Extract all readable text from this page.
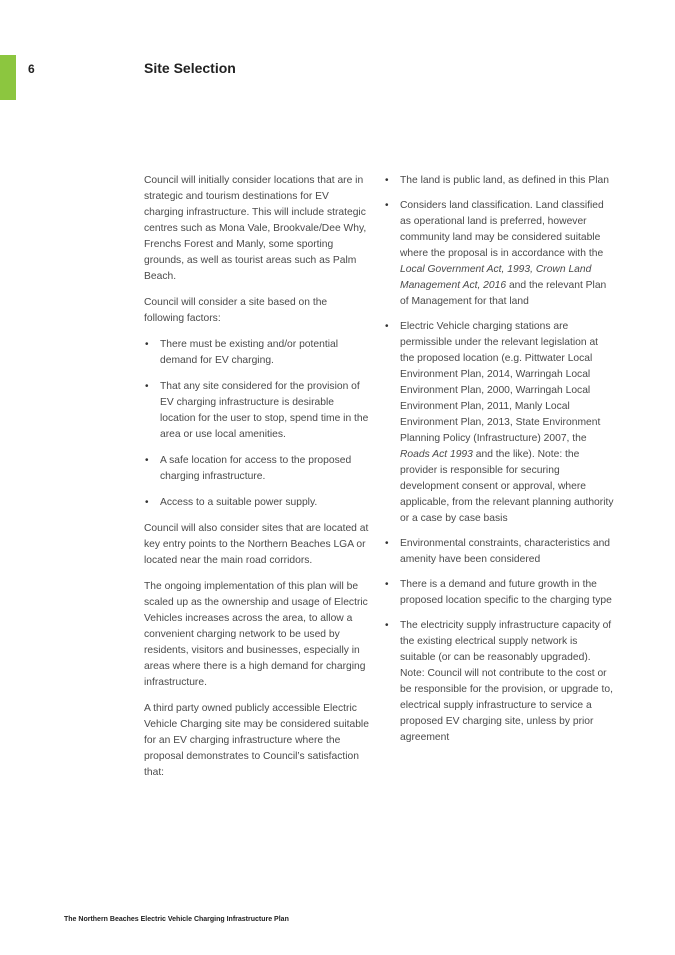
6	Site Selection

Council will initially consider locations that are in strategic and tourism destinations for EV charging infrastructure. This will include strategic centres such as Mona Vale, Brookvale/Dee Why, Frenchs Forest and Manly, some sporting grounds, as well as tourist areas such as Palm Beach.

Council will consider a site based on the following factors:

• There must be existing and/or potential demand for EV charging.
• That any site considered for the provision of EV charging infrastructure is desirable location for the user to stop, spend time in the area or use local amenities.
• A safe location for access to the proposed charging infrastructure.
• Access to a suitable power supply.

Council will also consider sites that are located at key entry points to the Northern Beaches LGA or located near the main road corridors.

The ongoing implementation of this plan will be scaled up as the ownership and usage of Electric Vehicles increases across the area, to allow a convenient charging network to be used by residents, visitors and businesses, especially in areas where there is a high demand for charging infrastructure.

A third party owned publicly accessible Electric Vehicle Charging site may be considered suitable for an EV charging infrastructure where the proposal demonstrates to Council’s satisfaction that:

• The land is public land, as defined in this Plan
• Considers land classification. Land classified as operational land is preferred, however community land may be considered suitable where the proposal is in accordance with the Local Government Act, 1993, Crown Land Management Act, 2016 and the relevant Plan of Management for that land
• Electric Vehicle charging stations are permissible under the relevant legislation at the proposed location (e.g. Pittwater Local Environment Plan, 2014, Warringah Local Environment Plan, 2000, Warringah Local Environment Plan, 2011, Manly Local Environment Plan, 2013, State Environment Planning Policy (Infrastructure) 2007, the Roads Act 1993 and the like). Note: the provider is responsible for securing development consent or approval, where applicable, from the relevant planning authority or a case by case basis
• Environmental constraints, characteristics and amenity have been considered
• There is a demand and future growth in the proposed location specific to the charging type
• The electricity supply infrastructure capacity of the existing electrical supply network is suitable (or can be reasonably upgraded). Note: Council will not contribute to the cost or be responsible for the provision, or upgrade to, electrical supply infrastructure to service a proposed EV charging site, unless by prior agreement
The Northern Beaches Electric Vehicle Charging Infrastructure Plan
